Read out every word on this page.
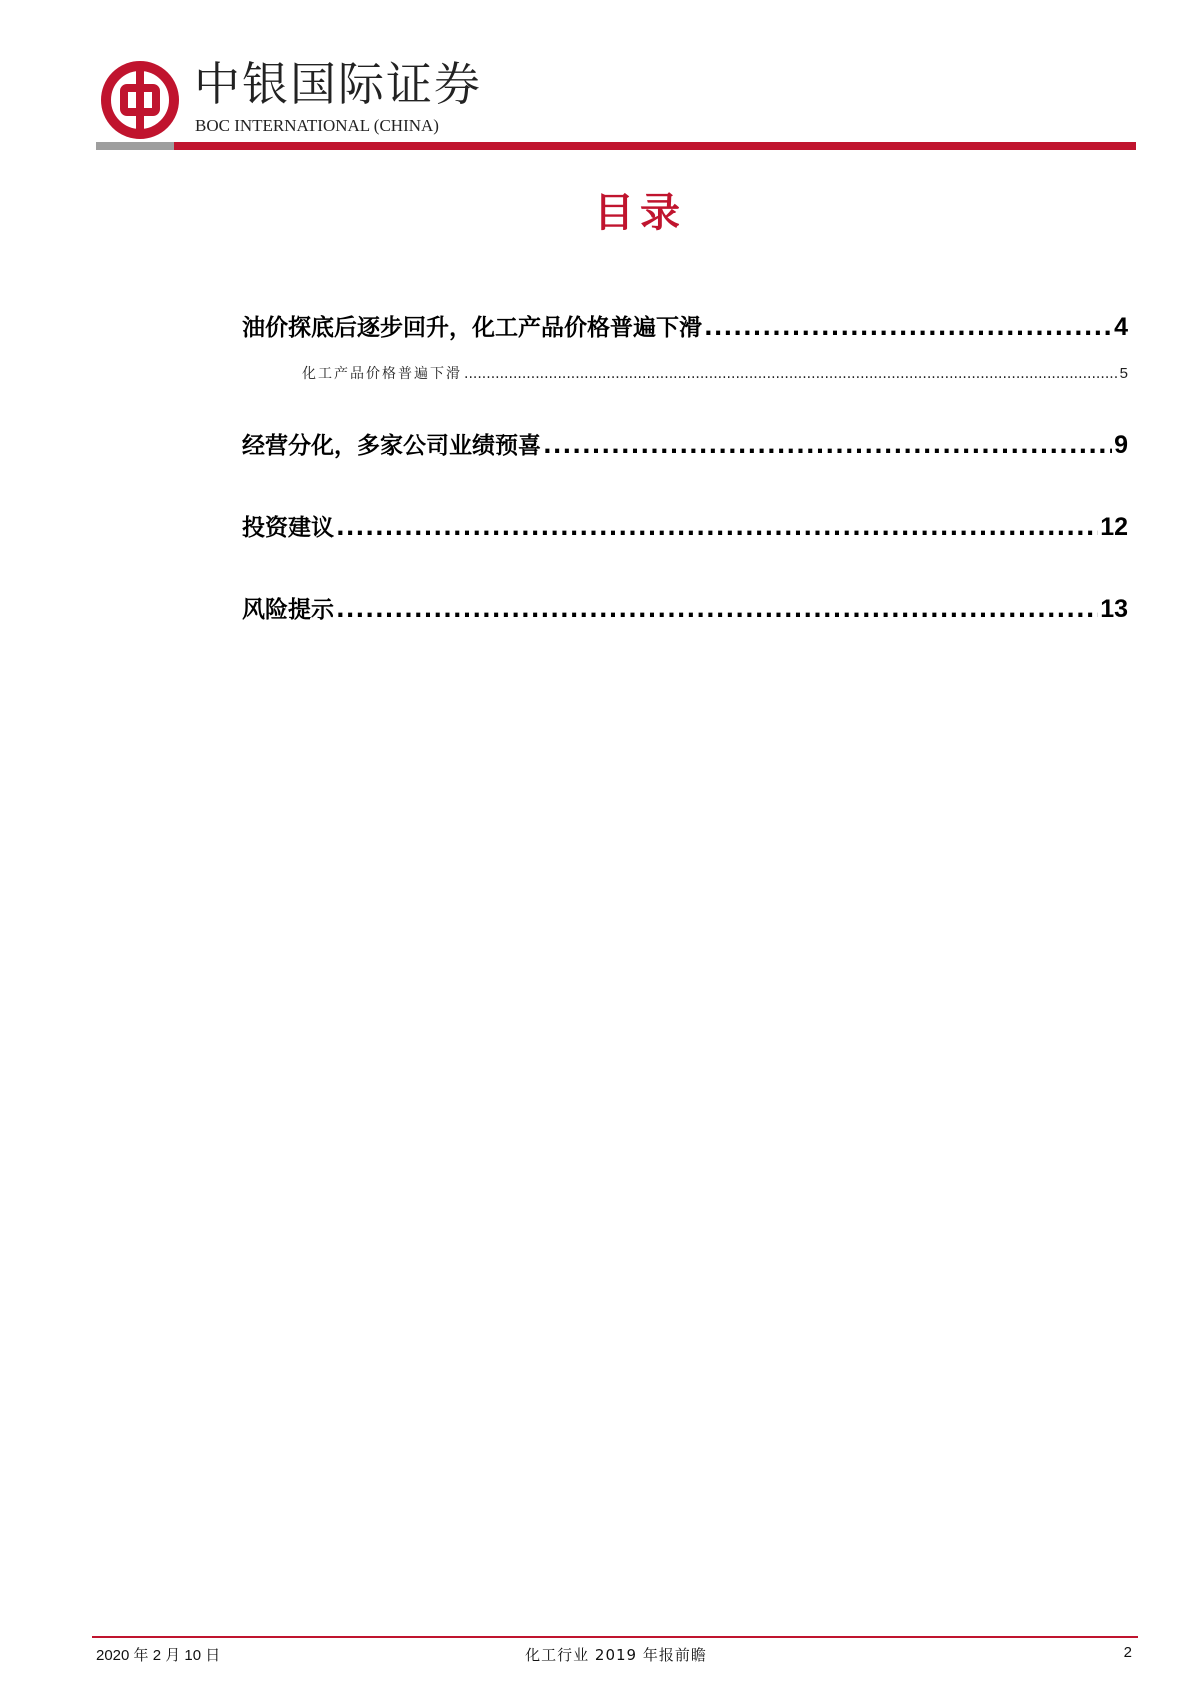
中银国际证券
BOC INTERNATIONAL (CHINA)
目录
油价探底后逐步回升，化工产品价格普遍下滑 .....	4
化工产品价格普遍下滑 .....	5
经营分化，多家公司业绩预喜 .....	9
投资建议 .....	12
风险提示 .....	13
2020 年 2 月 10 日	化工行业 2019 年报前瞻	2
